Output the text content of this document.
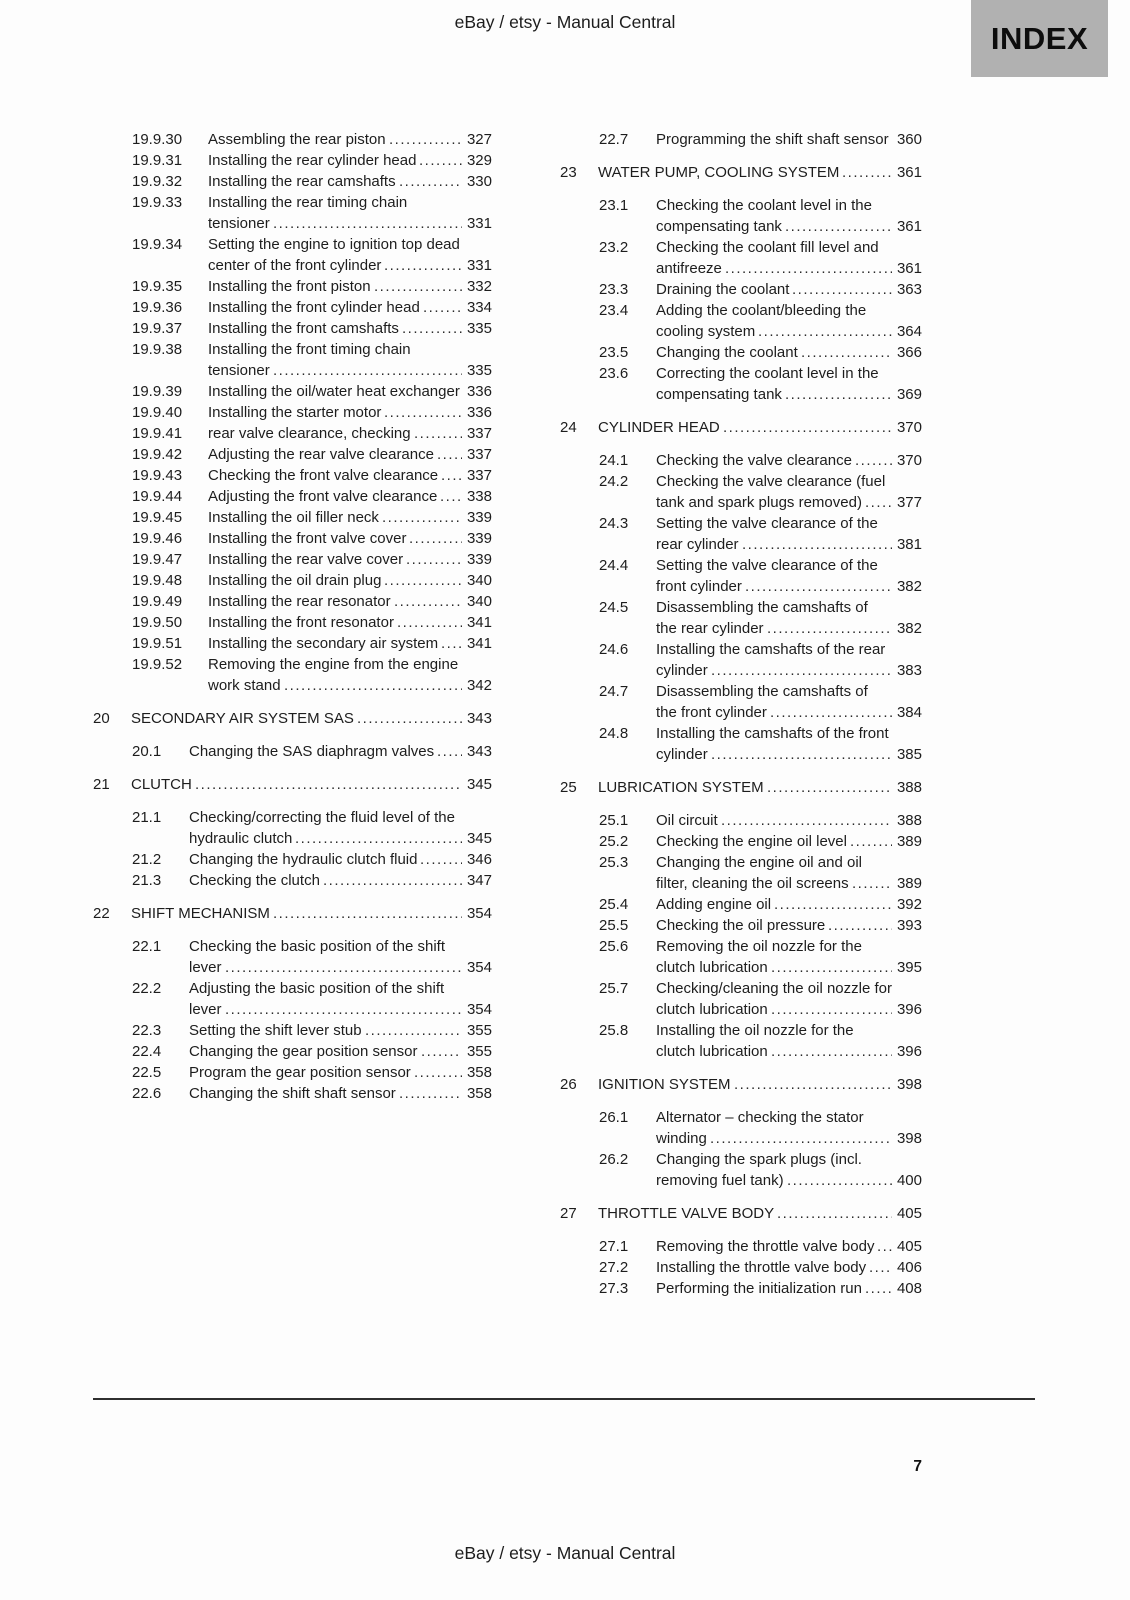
eBay / etsy - Manual Central	INDEX
19.9.30	Assembling the rear piston .....	327
19.9.31	Installing the rear cylinder head .....	329
19.9.32	Installing the rear camshafts .....	330
19.9.33	Installing the rear timing chain tensioner .....	331
19.9.34	Setting the engine to ignition top dead center of the front cylinder .....	331
19.9.35	Installing the front piston .....	332
19.9.36	Installing the front cylinder head .....	334
19.9.37	Installing the front camshafts .....	335
19.9.38	Installing the front timing chain tensioner .....	335
19.9.39	Installing the oil/water heat exchanger 336
19.9.40	Installing the starter motor .....	336
19.9.41	rear valve clearance, checking .....	337
19.9.42	Adjusting the rear valve clearance ..... 337
19.9.43	Checking the front valve clearance ..... 337
19.9.44	Adjusting the front valve clearance ..... 338
19.9.45	Installing the oil filler neck .....	339
19.9.46	Installing the front valve cover .....	339
19.9.47	Installing the rear valve cover .....	339
19.9.48	Installing the oil drain plug .....	340
19.9.49	Installing the rear resonator .....	340
19.9.50	Installing the front resonator .....	341
19.9.51	Installing the secondary air system ..... 341
19.9.52	Removing the engine from the engine work stand .....	342
20	SECONDARY AIR SYSTEM SAS .....	343
20.1	Changing the SAS diaphragm valves ..... 343
21	CLUTCH .....	345
21.1	Checking/correcting the fluid level of the hydraulic clutch .....	345
21.2	Changing the hydraulic clutch fluid .....	346
21.3	Checking the clutch .....	347
22	SHIFT MECHANISM .....	354
22.1	Checking the basic position of the shift lever .....	354
22.2	Adjusting the basic position of the shift lever .....	354
22.3	Setting the shift lever stub .....	355
22.4	Changing the gear position sensor .....	355
22.5	Program the gear position sensor .....	358
22.6	Changing the shift shaft sensor .....	358
22.7	Programming the shift shaft sensor 360
23	WATER PUMP, COOLING SYSTEM .....	361
23.1	Checking the coolant level in the compensating tank .....	361
23.2	Checking the coolant fill level and antifreeze .....	361
23.3	Draining the coolant .....	363
23.4	Adding the coolant/bleeding the cooling system .....	364
23.5	Changing the coolant .....	366
23.6	Correcting the coolant level in the compensating tank .....	369
24	CYLINDER HEAD .....	370
24.1	Checking the valve clearance .....	370
24.2	Checking the valve clearance (fuel tank and spark plugs removed)
..... 377
24.3	Setting the valve clearance of the rear cylinder .....	381
24.4	Setting the valve clearance of the front cylinder .....	382
24.5	Disassembling the camshafts of the rear cylinder .....	382
24.6	Installing the camshafts of the rear cylinder .....	383
24.7	Disassembling the camshafts of the front cylinder .....	384
24.8	Installing the camshafts of the front cylinder .....	385
25	LUBRICATION SYSTEM .....	388
25.1	Oil circuit .....	388
25.2	Checking the engine oil level .....	389
25.3	Changing the engine oil and oil filter, cleaning the oil screens .....	389
25.4	Adding engine oil .....	392
25.5	Checking the oil pressure .....	393
25.6	Removing the oil nozzle for the clutch lubrication .....	395
25.7	Checking/cleaning the oil nozzle for clutch lubrication .....	396
25.8	Installing the oil nozzle for the clutch lubrication .....	396
26	IGNITION SYSTEM .....	398
26.1	Alternator – checking the stator winding .....	398
26.2	Changing the spark plugs (incl. removing fuel tank) .....	400
27	THROTTLE VALVE BODY .....	405
27.1	Removing the throttle valve body ..... 405
27.2	Installing the throttle valve body ..... 406
27.3	Performing the initialization run ..... 408
7
eBay / etsy - Manual Central
